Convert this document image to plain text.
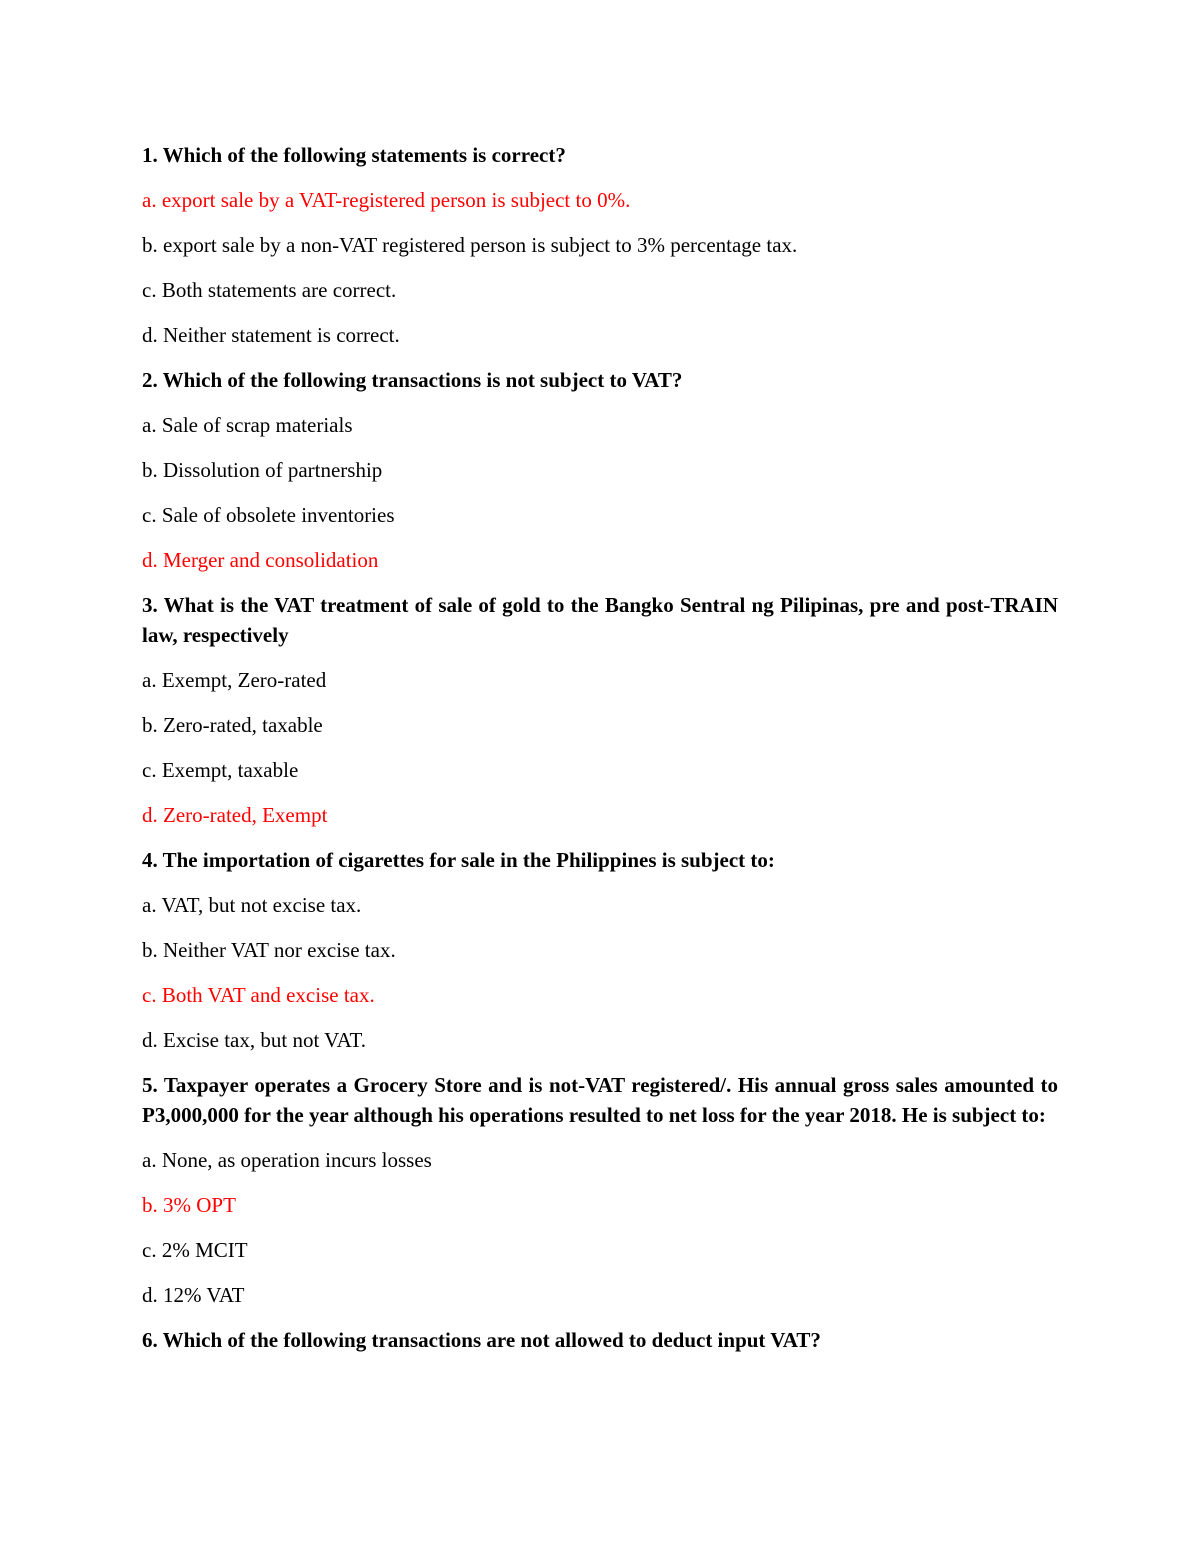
1. Which of the following statements is correct?

a. export sale by a VAT-registered person is subject to 0%.

b. export sale by a non-VAT registered person is subject to 3% percentage tax.

c. Both statements are correct.

d. Neither statement is correct.

2. Which of the following transactions is not subject to VAT?

a. Sale of scrap materials

b. Dissolution of partnership

c. Sale of obsolete inventories

d. Merger and consolidation

3. What is the VAT treatment of sale of gold to the Bangko Sentral ng Pilipinas, pre and post-TRAIN law, respectively

a. Exempt, Zero-rated

b. Zero-rated, taxable

c. Exempt, taxable

d. Zero-rated, Exempt

4. The importation of cigarettes for sale in the Philippines is subject to:

a. VAT, but not excise tax.

b. Neither VAT nor excise tax.

c. Both VAT and excise tax.

d. Excise tax, but not VAT.

5. Taxpayer operates a Grocery Store and is not-VAT registered/. His annual gross sales amounted to P3,000,000 for the year although his operations resulted to net loss for the year 2018. He is subject to:

a. None, as operation incurs losses

b. 3% OPT

c. 2% MCIT

d. 12% VAT

6. Which of the following transactions are not allowed to deduct input VAT?
